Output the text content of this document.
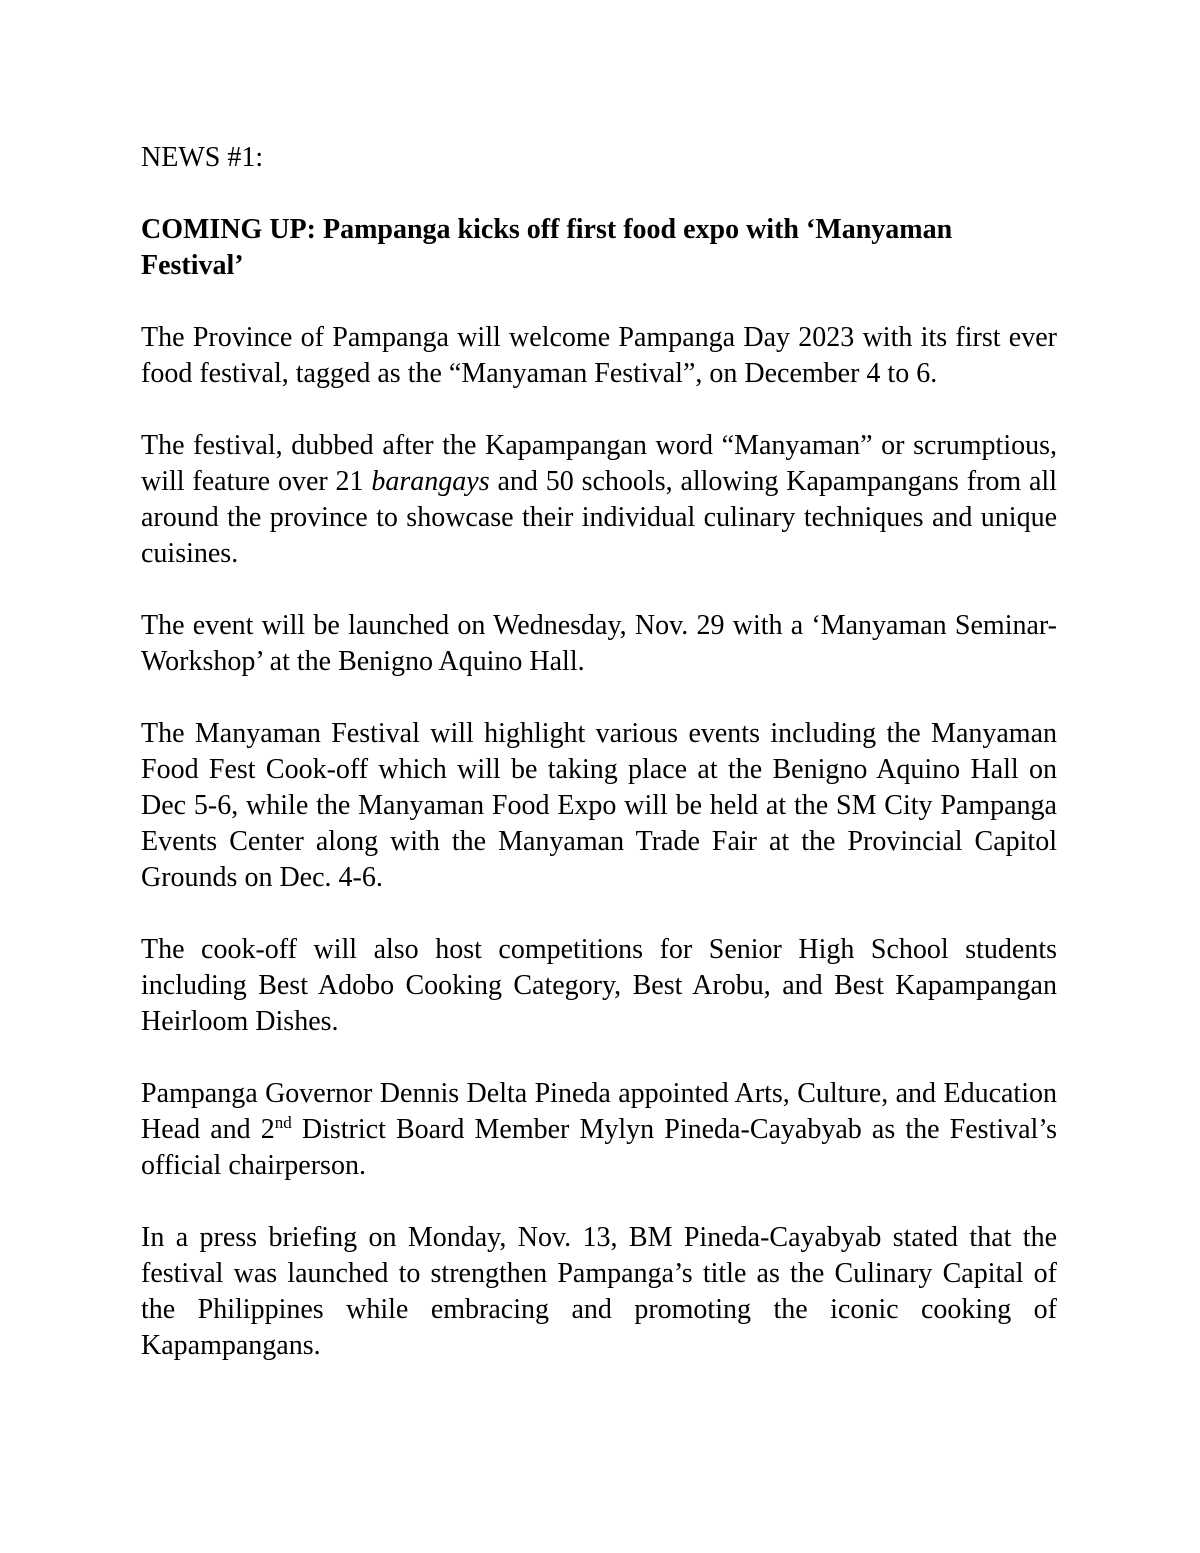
NEWS #1:

COMING UP: Pampanga kicks off first food expo with ‘Manyaman Festival’

The Province of Pampanga will welcome Pampanga Day 2023 with its first ever food festival, tagged as the “Manyaman Festival”, on December 4 to 6.

The festival, dubbed after the Kapampangan word “Manyaman” or scrumptious, will feature over 21 barangays and 50 schools, allowing Kapampangans from all around the province to showcase their individual culinary techniques and unique cuisines.

The event will be launched on Wednesday, Nov. 29 with a ‘Manyaman Seminar-Workshop’ at the Benigno Aquino Hall.

The Manyaman Festival will highlight various events including the Manyaman Food Fest Cook-off which will be taking place at the Benigno Aquino Hall on Dec 5-6, while the Manyaman Food Expo will be held at the SM City Pampanga Events Center along with the Manyaman Trade Fair at the Provincial Capitol Grounds on Dec. 4-6.

The cook-off will also host competitions for Senior High School students including Best Adobo Cooking Category, Best Arobu, and Best Kapampangan Heirloom Dishes.

Pampanga Governor Dennis Delta Pineda appointed Arts, Culture, and Education Head and 2nd District Board Member Mylyn Pineda-Cayabyab as the Festival’s official chairperson.

In a press briefing on Monday, Nov. 13, BM Pineda-Cayabyab stated that the festival was launched to strengthen Pampanga’s title as the Culinary Capital of the Philippines while embracing and promoting the iconic cooking of Kapampangans.
